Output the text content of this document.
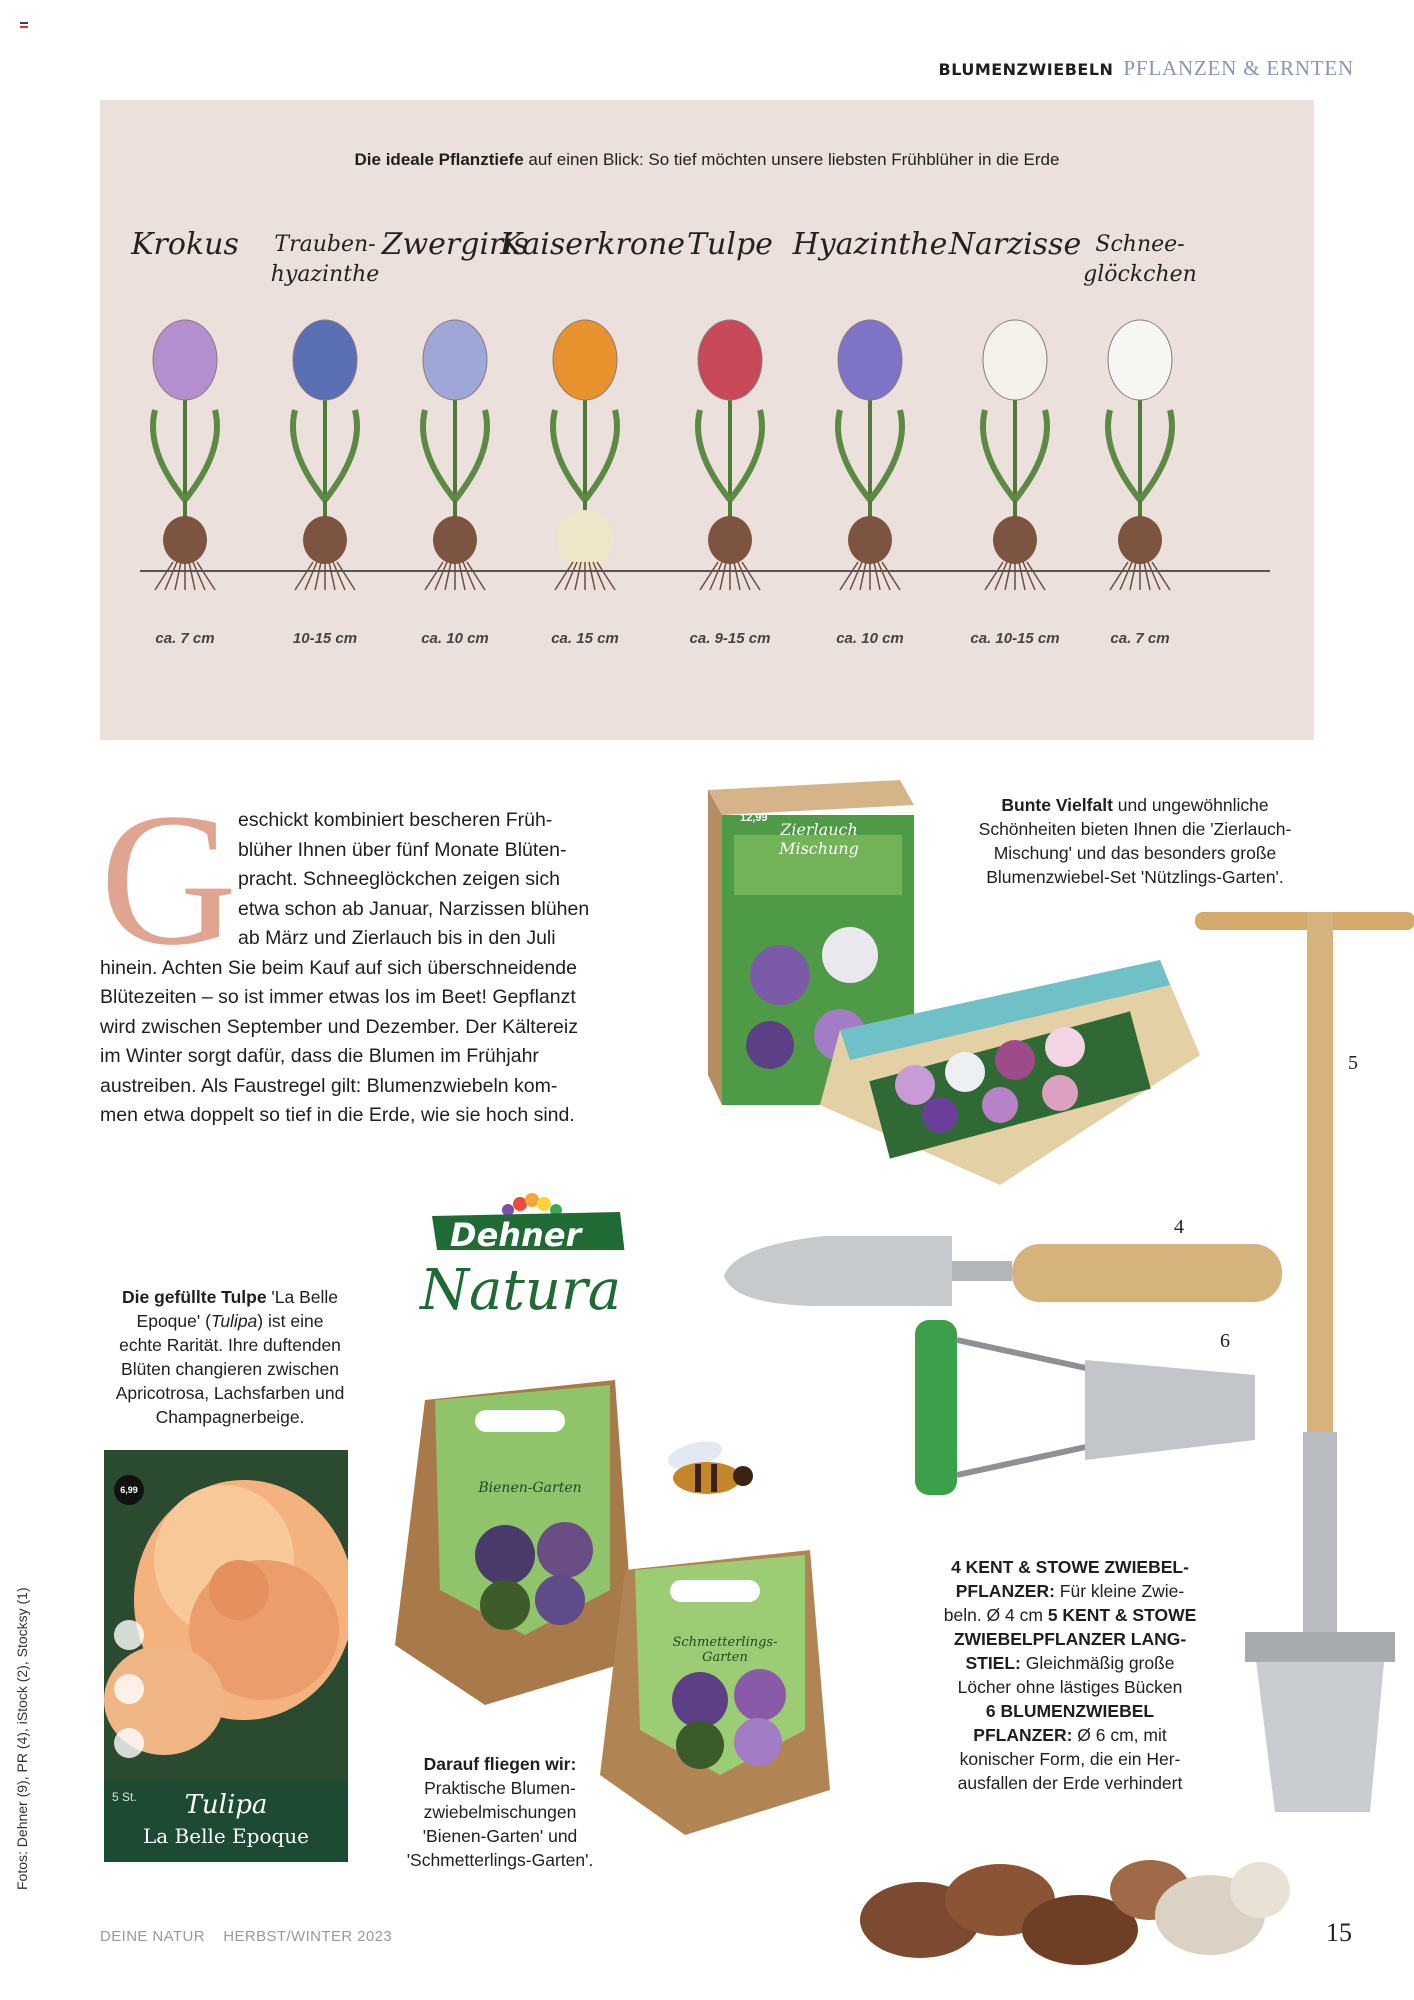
BLUMENZWIEBELN PFLANZEN & ERNTEN
Die ideale Pflanztiefe auf einen Blick: So tief möchten unsere liebsten Frühblüher in die Erde
Krokus
ca. 7 cm
Trauben-hyazinthe
10-15 cm
Zwergiris
ca. 10 cm
Kaiserkrone
ca. 15 cm
Tulpe
ca. 9-15 cm
Hyazinthe
ca. 10 cm
Narzisse
ca. 10-15 cm
Schnee-glöckchen
ca. 7 cm
G eschickt kombiniert bescheren Früh-
blüher Ihnen über fünf Monate Blüten-
pracht. Schneeglöckchen zeigen sich
etwa schon ab Januar, Narzissen blühen
ab März und Zierlauch bis in den Juli
hinein. Achten Sie beim Kauf auf sich überschneidende
Blütezeiten – so ist immer etwas los im Beet! Gepflanzt
wird zwischen September und Dezember. Der Kältereiz
im Winter sorgt dafür, dass die Blumen im Frühjahr
austreiben. Als Faustregel gilt: Blumenzwiebeln kom-
men etwa doppelt so tief in die Erde, wie sie hoch sind.
Zierlauch Mischung
12,99
Bunte Vielfalt und ungewöhnliche
Schönheiten bieten Ihnen die 'Zierlauch-
Mischung' und das besonders große
Blumenzwiebel-Set 'Nützlings-Garten'.
Dehner
Natura
Die gefüllte Tulpe 'La Belle
Epoque' (Tulipa) ist eine
echte Rarität. Ihre duftenden
Blüten changieren zwischen
Apricotrosa, Lachsfarben und
Champagnerbeige.
6,99
5 St.	Tulipa
La Belle Epoque
Bienen-Garten
Schmetterlings-Garten
Darauf fliegen wir:
Praktische Blumen-
zwiebelmischungen
'Bienen-Garten' und
'Schmetterlings-Garten'.
5
4
6
4 KENT & STOWE ZWIEBEL-
PFLANZER: Für kleine Zwie-
beln. Ø 4 cm 5 KENT & STOWE
ZWIEBELPFLANZER LANG-
STIEL: Gleichmäßig große
Löcher ohne lästiges Bücken
6 BLUMENZWIEBEL
PFLANZER: Ø 6 cm, mit
konischer Form, die ein Her-
ausfallen der Erde verhindert
Fotos: Dehner (9), PR (4), iStock (2), Stocksy (1)
DEINE NATUR HERBST/WINTER 2023	15
